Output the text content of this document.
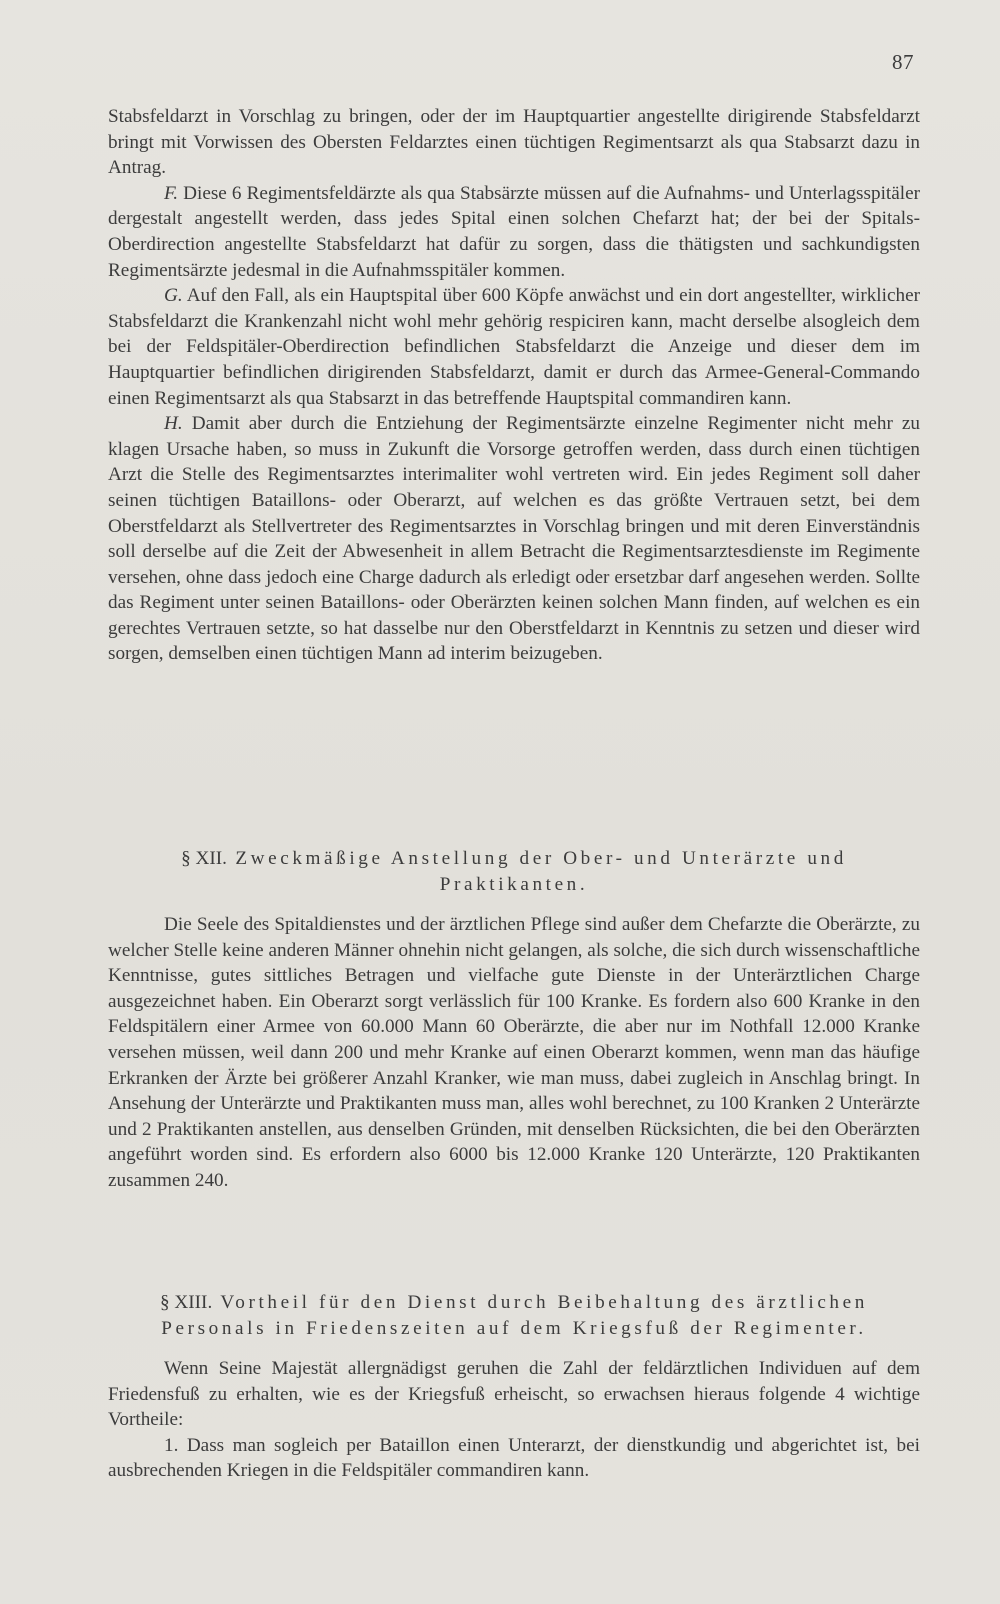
87

Stabsfeldarzt in Vorschlag zu bringen, oder der im Hauptquartier angestellte dirigirende Stabsfeldarzt bringt mit Vorwissen des Obersten Feldarztes einen tüchtigen Regimentsarzt als qua Stabsarzt dazu in Antrag.

F. Diese 6 Regimentsfeldärzte als qua Stabsärzte müssen auf die Aufnahms- und Unterlagsspitäler dergestalt angestellt werden, dass jedes Spital einen solchen Chefarzt hat; der bei der Spitals-Oberdirection angestellte Stabsfeldarzt hat dafür zu sorgen, dass die thätigsten und sachkundigsten Regimentsärzte jedesmal in die Aufnahmsspitäler kommen.

G. Auf den Fall, als ein Hauptspital über 600 Köpfe anwächst und ein dort angestellter, wirklicher Stabsfeldarzt die Krankenzahl nicht wohl mehr gehörig respiciren kann, macht derselbe alsogleich dem bei der Feldspitäler-Oberdirection befindlichen Stabsfeldarzt die Anzeige und dieser dem im Hauptquartier befindlichen dirigirenden Stabsfeldarzt, damit er durch das Armee-General-Commando einen Regimentsarzt als qua Stabsarzt in das betreffende Hauptspital commandiren kann.

H. Damit aber durch die Entziehung der Regimentsärzte einzelne Regimenter nicht mehr zu klagen Ursache haben, so muss in Zukunft die Vorsorge getroffen werden, dass durch einen tüchtigen Arzt die Stelle des Regimentsarztes interimaliter wohl vertreten wird. Ein jedes Regiment soll daher seinen tüchtigen Bataillons- oder Oberarzt, auf welchen es das größte Vertrauen setzt, bei dem Oberstfeldarzt als Stellvertreter des Regimentsarztes in Vorschlag bringen und mit deren Einverständnis soll derselbe auf die Zeit der Abwesenheit in allem Betracht die Regimentsarztesdienste im Regimente versehen, ohne dass jedoch eine Charge dadurch als erledigt oder ersetzbar darf angesehen werden. Sollte das Regiment unter seinen Bataillons- oder Oberärzten keinen solchen Mann finden, auf welchen es ein gerechtes Vertrauen setzte, so hat dasselbe nur den Oberstfeldarzt in Kenntnis zu setzen und dieser wird sorgen, demselben einen tüchtigen Mann ad interim beizugeben.

§ XII. Zweckmäßige Anstellung der Ober- und Unterärzte und
Praktikanten.

Die Seele des Spitaldienstes und der ärztlichen Pflege sind außer dem Chefarzte die Oberärzte, zu welcher Stelle keine anderen Männer ohnehin nicht gelangen, als solche, die sich durch wissenschaftliche Kenntnisse, gutes sittliches Betragen und vielfache gute Dienste in der Unterärztlichen Charge ausgezeichnet haben. Ein Oberarzt sorgt verlässlich für 100 Kranke. Es fordern also 600 Kranke in den Feldspitälern einer Armee von 60.000 Mann 60 Oberärzte, die aber nur im Nothfall 12.000 Kranke versehen müssen, weil dann 200 und mehr Kranke auf einen Oberarzt kommen, wenn man das häufige Erkranken der Ärzte bei größerer Anzahl Kranker, wie man muss, dabei zugleich in Anschlag bringt. In Ansehung der Unterärzte und Praktikanten muss man, alles wohl berechnet, zu 100 Kranken 2 Unterärzte und 2 Praktikanten anstellen, aus denselben Gründen, mit denselben Rücksichten, die bei den Oberärzten angeführt worden sind. Es erfordern also 6000 bis 12.000 Kranke 120 Unterärzte, 120 Praktikanten zusammen 240.

§ XIII. Vortheil für den Dienst durch Beibehaltung des ärztlichen
Personals in Friedenszeiten auf dem Kriegsfuß der Regimenter.

Wenn Seine Majestät allergnädigst geruhen die Zahl der feldärztlichen Individuen auf dem Friedensfuß zu erhalten, wie es der Kriegsfuß erheischt, so erwachsen hieraus folgende 4 wichtige Vortheile:

1. Dass man sogleich per Bataillon einen Unterarzt, der dienstkundig und abgerichtet ist, bei ausbrechenden Kriegen in die Feldspitäler commandiren kann.
